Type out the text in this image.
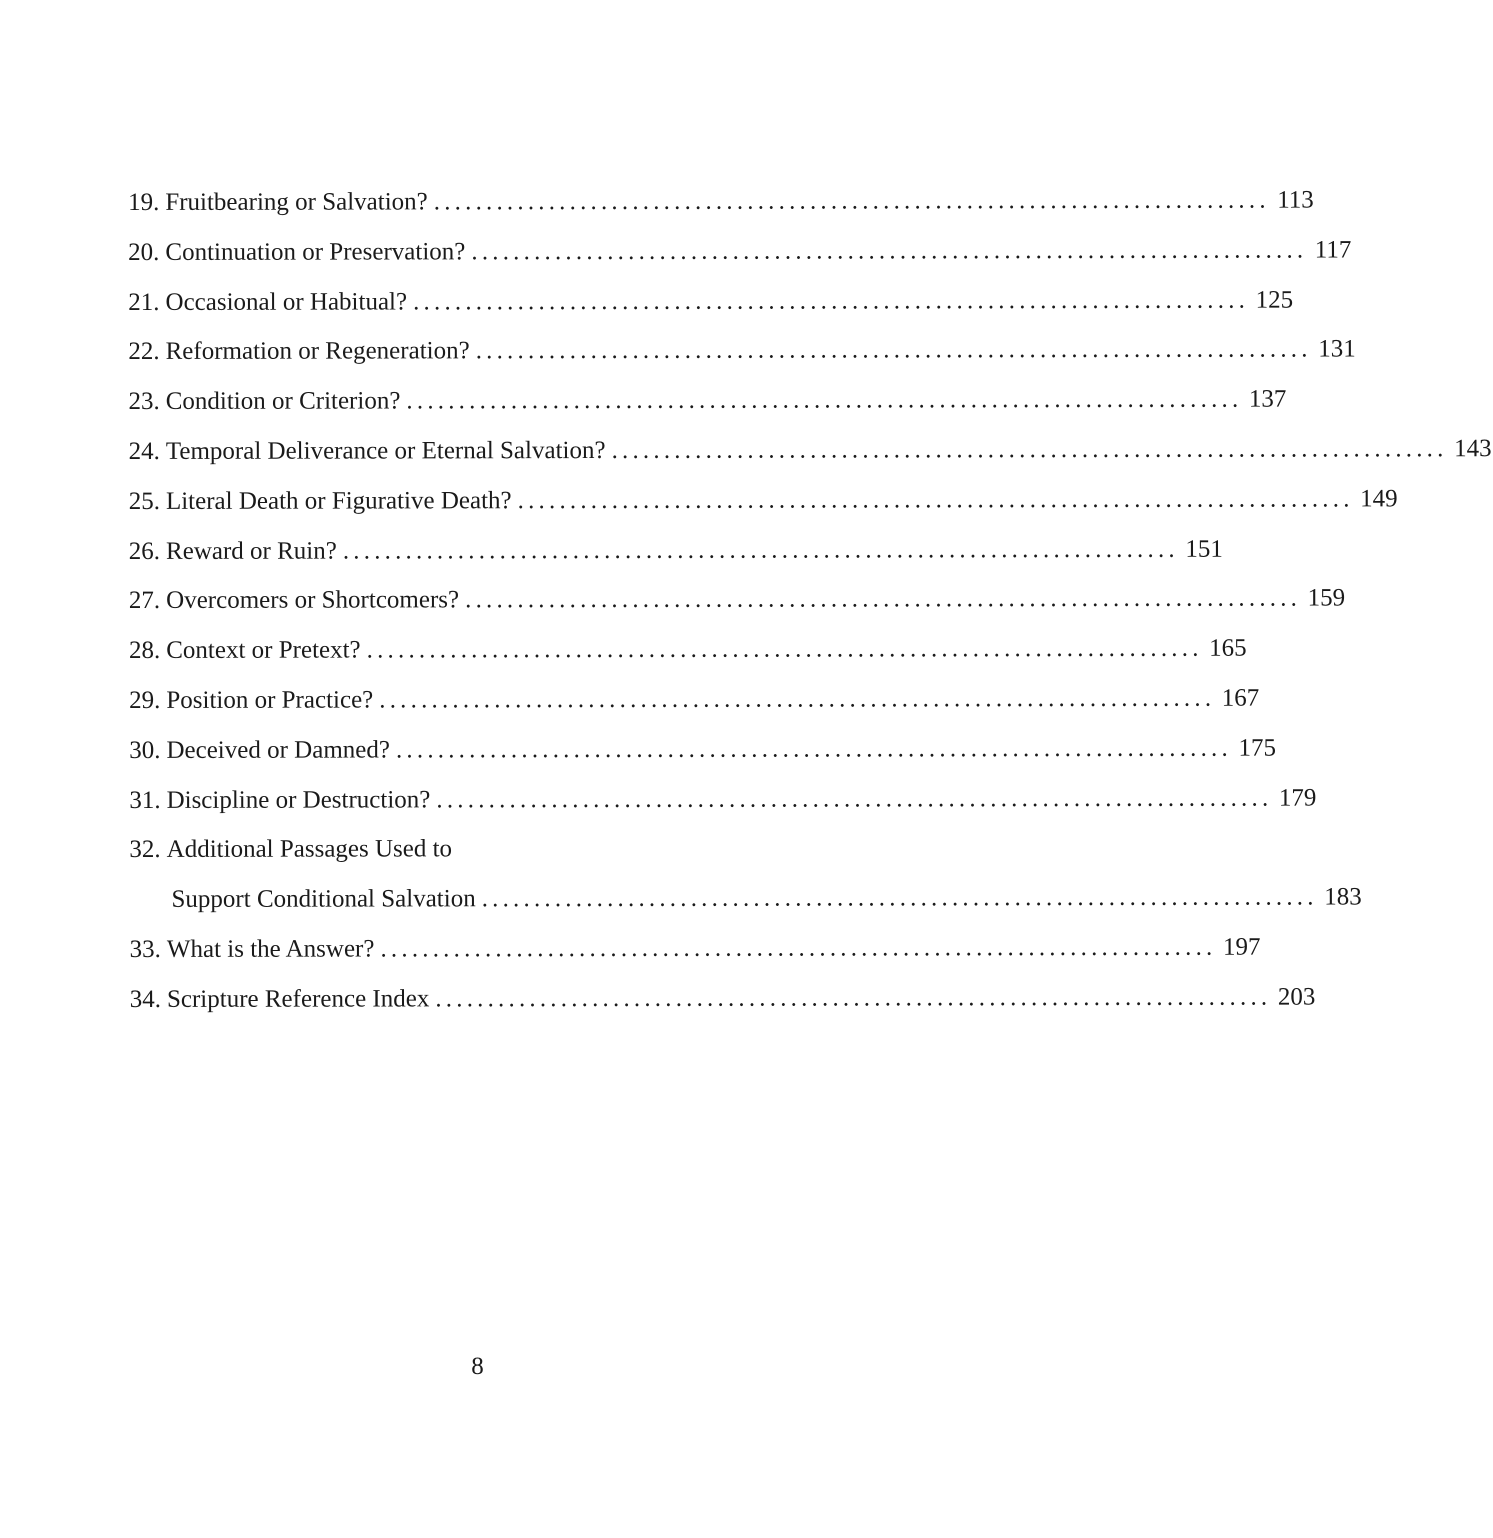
19. Fruitbearing or Salvation? ................................................................................ 113
20. Continuation or Preservation? ................................................................................ 117
21. Occasional or Habitual? ................................................................................ 125
22. Reformation or Regeneration? ................................................................................ 131
23. Condition or Criterion? ................................................................................ 137
24. Temporal Deliverance or Eternal Salvation? ................................................................................ 143
25. Literal Death or Figurative Death? ................................................................................ 149
26. Reward or Ruin? ................................................................................ 151
27. Overcomers or Shortcomers? ................................................................................ 159
28. Context or Pretext? ................................................................................ 165
29. Position or Practice? ................................................................................ 167
30. Deceived or Damned? ................................................................................ 175
31. Discipline or Destruction? ................................................................................ 179
32. Additional Passages Used to
Support Conditional Salvation ................................................................................ 183
33. What is the Answer? ................................................................................ 197
34. Scripture Reference Index ................................................................................ 203
8
